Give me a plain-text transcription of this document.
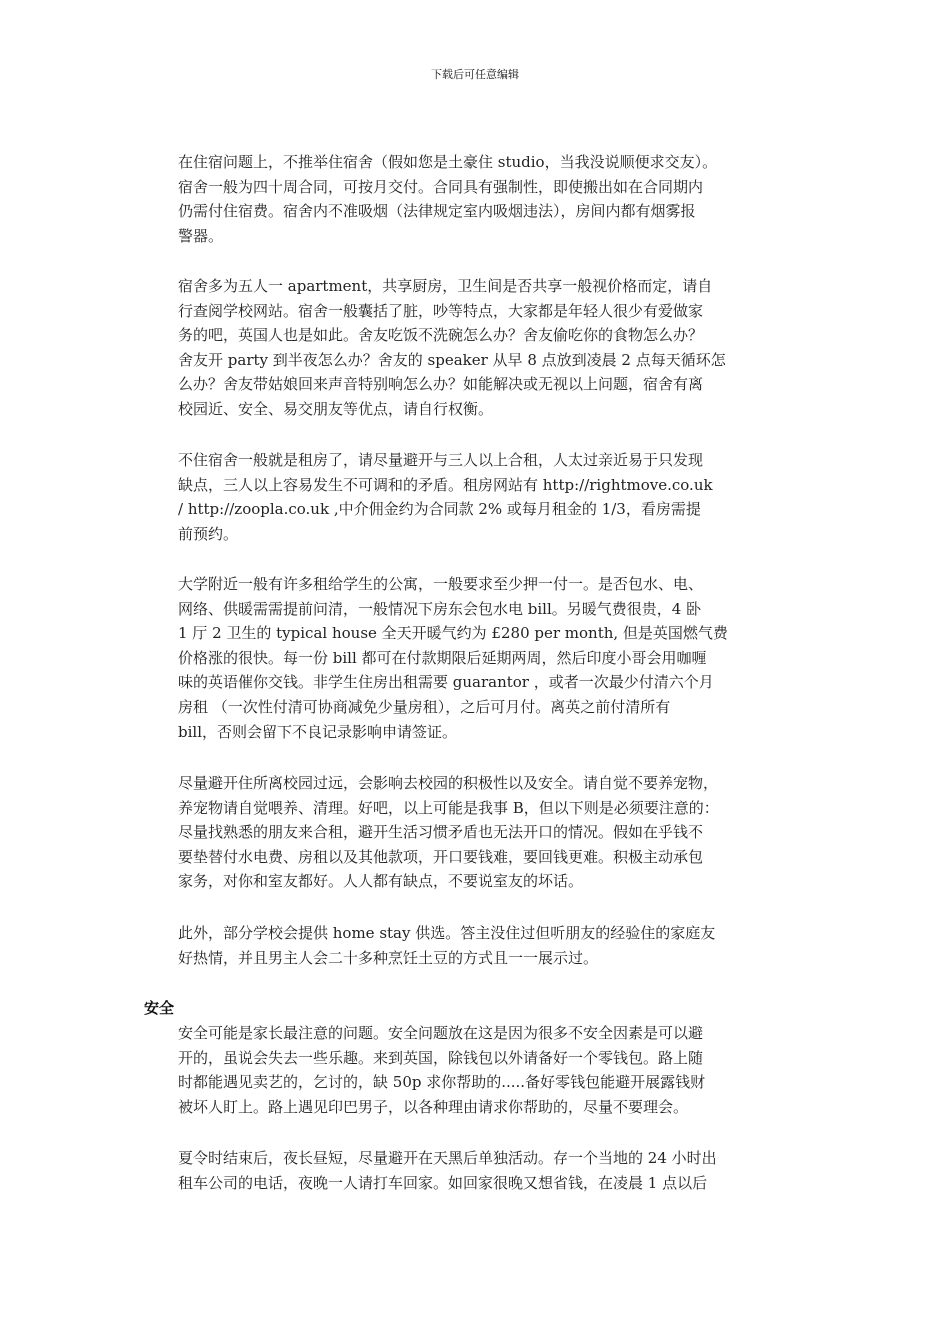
下载后可任意编辑

在住宿问题上，不推举住宿舍（假如您是土豪住 studio，当我没说顺便求交友）。
宿舍一般为四十周合同，可按月交付。合同具有强制性，即使搬出如在合同期内
仍需付住宿费。宿舍内不准吸烟（法律规定室内吸烟违法），房间内都有烟雾报
警器。

宿舍多为五人一 apartment，共享厨房，卫生间是否共享一般视价格而定，请自
行查阅学校网站。宿舍一般囊括了脏，吵等特点，大家都是年轻人很少有爱做家
务的吧，英国人也是如此。舍友吃饭不洗碗怎么办？舍友偷吃你的食物怎么办？
舍友开 party 到半夜怎么办？舍友的 speaker 从早 8 点放到凌晨 2 点每天循环怎
么办？舍友带姑娘回来声音特别响怎么办？如能解决或无视以上问题，宿舍有离
校园近、安全、易交朋友等优点，请自行权衡。

不住宿舍一般就是租房了，请尽量避开与三人以上合租，人太过亲近易于只发现
缺点，三人以上容易发生不可调和的矛盾。租房网站有 http://rightmove.co.uk
/ http://zoopla.co.uk ,中介佣金约为合同款 2% 或每月租金的 1/3，看房需提
前预约。

大学附近一般有许多租给学生的公寓，一般要求至少押一付一。是否包水、电、
网络、供暖需需提前问清，一般情况下房东会包水电 bill。另暖气费很贵，4 卧
1 厅 2 卫生的 typical house 全天开暖气约为 £280 per month, 但是英国燃气费
价格涨的很快。每一份 bill 都可在付款期限后延期两周，然后印度小哥会用咖喱
味的英语催你交钱。非学生住房出租需要 guarantor ，或者一次最少付清六个月
房租 （一次性付清可协商减免少量房租），之后可月付。离英之前付清所有
bill，否则会留下不良记录影响申请签证。

尽量避开住所离校园过远，会影响去校园的积极性以及安全。请自觉不要养宠物，
养宠物请自觉喂养、清理。好吧，以上可能是我事 B，但以下则是必须要注意的：
尽量找熟悉的朋友来合租，避开生活习惯矛盾也无法开口的情况。假如在乎钱不
要垫替付水电费、房租以及其他款项，开口要钱难，要回钱更难。积极主动承包
家务，对你和室友都好。人人都有缺点，不要说室友的坏话。

此外，部分学校会提供 home stay 供选。答主没住过但听朋友的经验住的家庭友
好热情，并且男主人会二十多种烹饪土豆的方式且一一展示过。

安全

安全可能是家长最注意的问题。安全问题放在这是因为很多不安全因素是可以避
开的，虽说会失去一些乐趣。来到英国，除钱包以外请备好一个零钱包。路上随
时都能遇见卖艺的，乞讨的，缺 50p 求你帮助的.....备好零钱包能避开展露钱财
被坏人盯上。路上遇见印巴男子，以各种理由请求你帮助的，尽量不要理会。

夏令时结束后，夜长昼短，尽量避开在天黑后单独活动。存一个当地的 24 小时出
租车公司的电话，夜晚一人请打车回家。如回家很晚又想省钱，在凌晨 1 点以后
